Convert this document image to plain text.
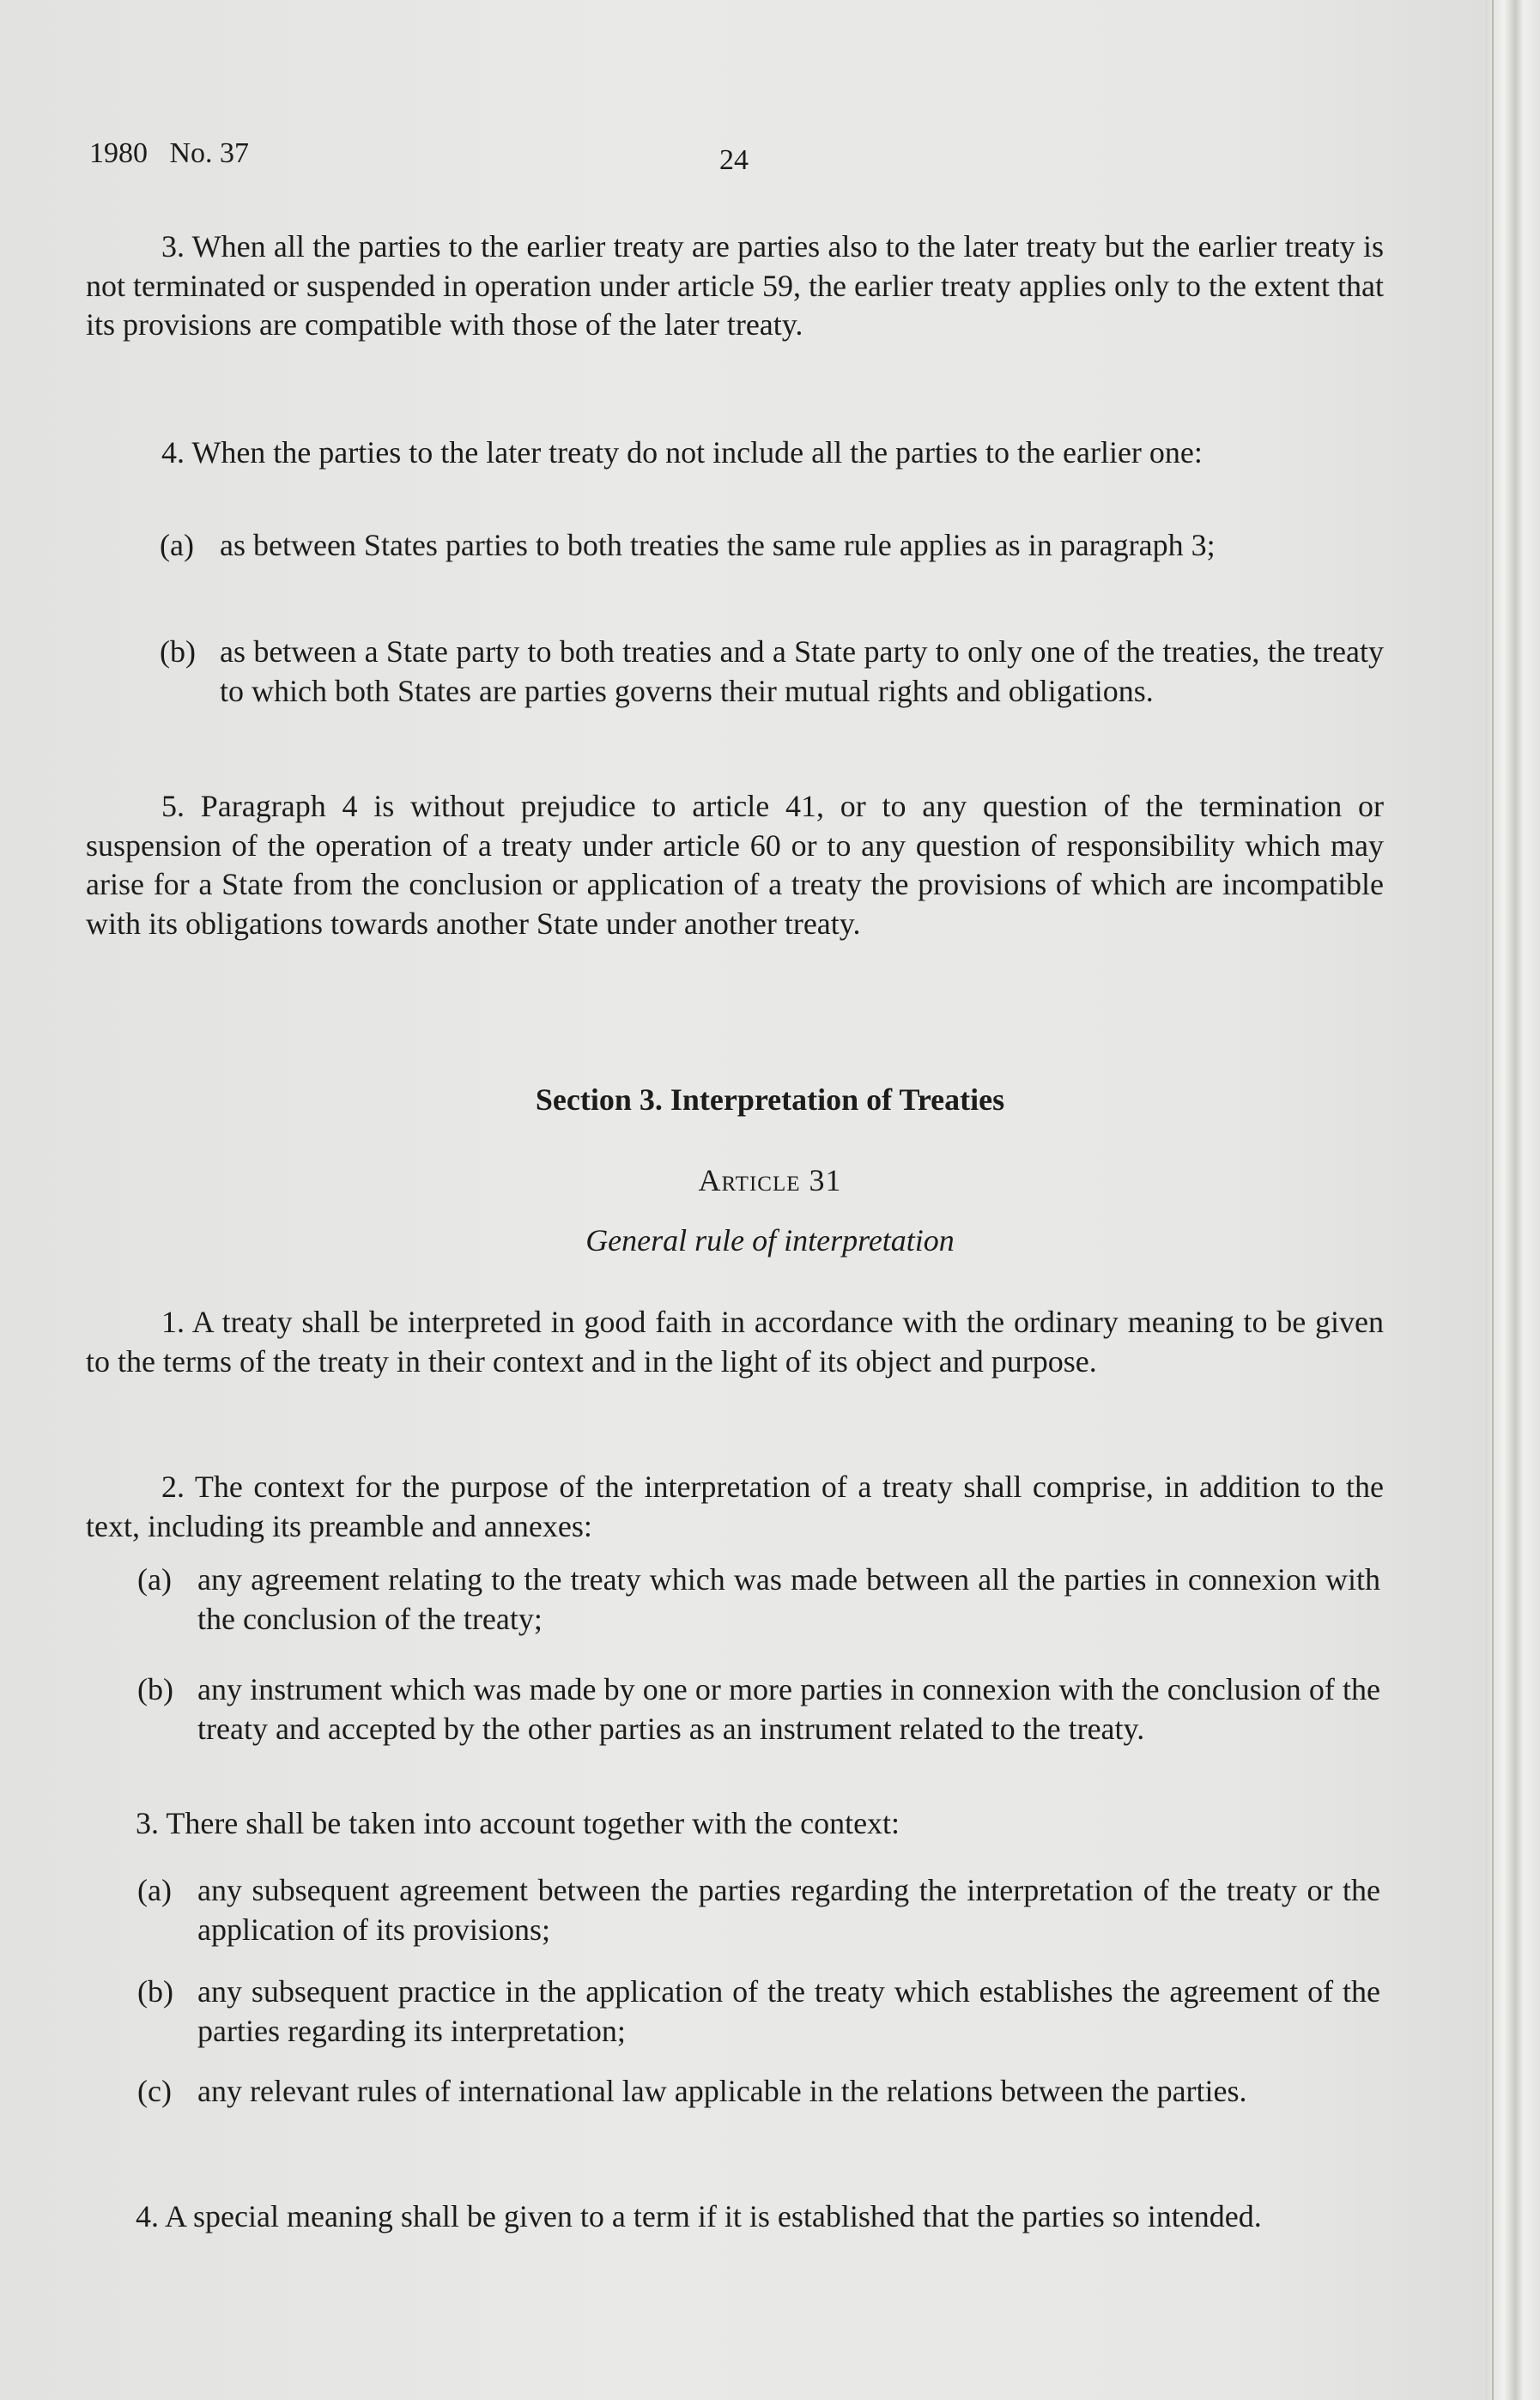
1980   No. 37	24
3. When all the parties to the earlier treaty are parties also to the later treaty but the earlier treaty is not terminated or suspended in operation under article 59, the earlier treaty applies only to the extent that its provisions are compatible with those of the later treaty.
4. When the parties to the later treaty do not include all the parties to the earlier one:
(a) as between States parties to both treaties the same rule applies as in paragraph 3;
(b) as between a State party to both treaties and a State party to only one of the treaties, the treaty to which both States are parties governs their mutual rights and obligations.
5. Paragraph 4 is without prejudice to article 41, or to any question of the termination or suspension of the operation of a treaty under article 60 or to any question of responsibility which may arise for a State from the conclusion or application of a treaty the provisions of which are incompatible with its obligations towards another State under another treaty.
Section 3. Interpretation of Treaties
Article 31
General rule of interpretation
1. A treaty shall be interpreted in good faith in accordance with the ordinary meaning to be given to the terms of the treaty in their context and in the light of its object and purpose.
2. The context for the purpose of the interpretation of a treaty shall comprise, in addition to the text, including its preamble and annexes:
(a) any agreement relating to the treaty which was made between all the parties in connexion with the conclusion of the treaty;
(b) any instrument which was made by one or more parties in connexion with the conclusion of the treaty and accepted by the other parties as an instrument related to the treaty.
3. There shall be taken into account together with the context:
(a) any subsequent agreement between the parties regarding the interpretation of the treaty or the application of its provisions;
(b) any subsequent practice in the application of the treaty which establishes the agreement of the parties regarding its interpretation;
(c) any relevant rules of international law applicable in the relations between the parties.
4. A special meaning shall be given to a term if it is established that the parties so intended.
